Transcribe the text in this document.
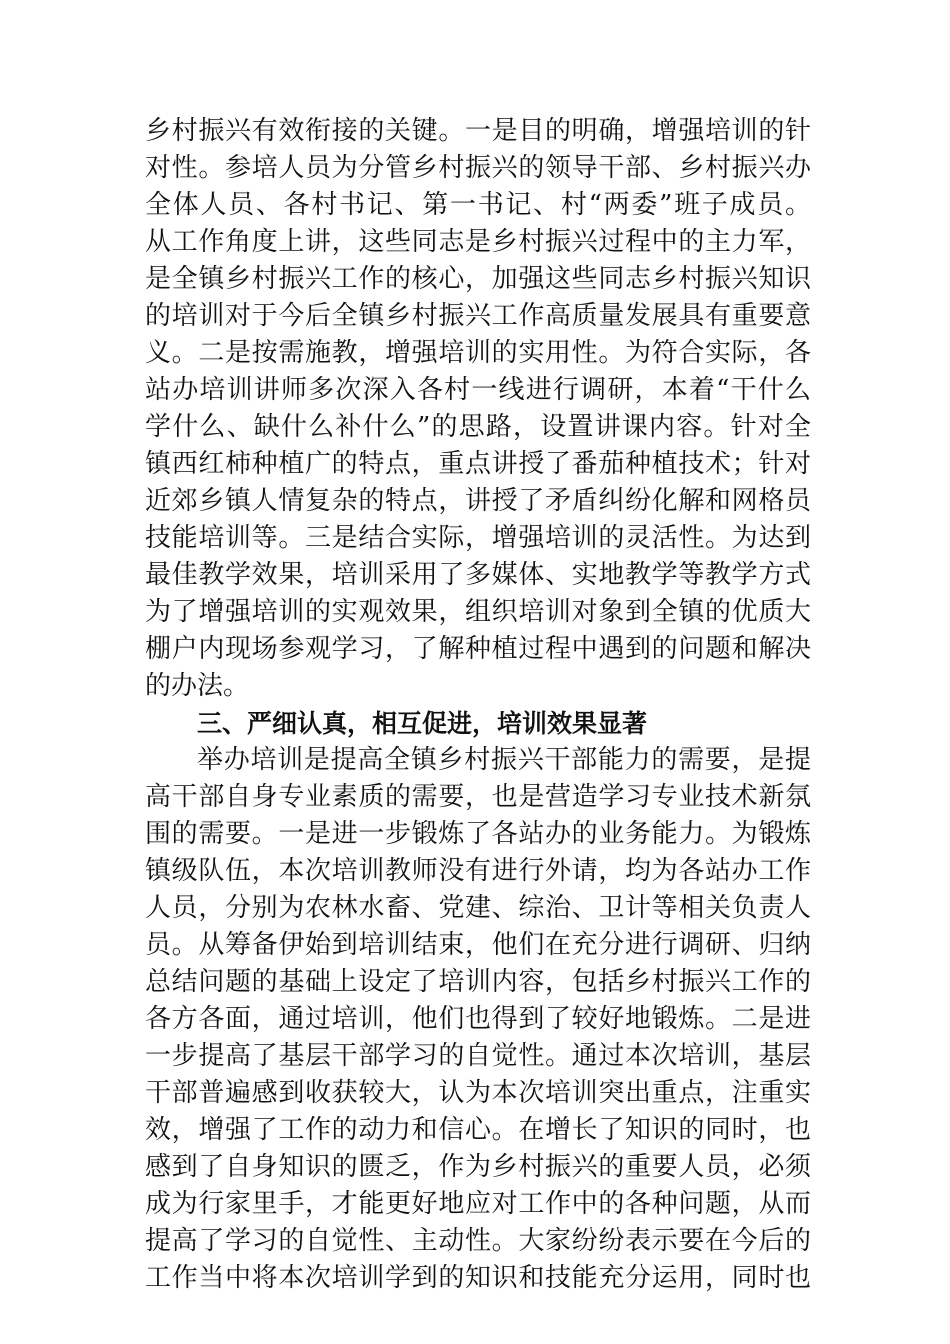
乡村振兴有效衔接的关键。一是目的明确，增强培训的针
对性。参培人员为分管乡村振兴的领导干部、乡村振兴办
全体人员、各村书记、第一书记、村“两委”班子成员。
从工作角度上讲，这些同志是乡村振兴过程中的主力军，
是全镇乡村振兴工作的核心，加强这些同志乡村振兴知识
的培训对于今后全镇乡村振兴工作高质量发展具有重要意
义。二是按需施教，增强培训的实用性。为符合实际，各
站办培训讲师多次深入各村一线进行调研，本着“干什么
学什么、缺什么补什么”的思路，设置讲课内容。针对全
镇西红柿种植广的特点，重点讲授了番茄种植技术；针对
近郊乡镇人情复杂的特点，讲授了矛盾纠纷化解和网格员
技能培训等。三是结合实际，增强培训的灵活性。为达到
最佳教学效果，培训采用了多媒体、实地教学等教学方式
为了增强培训的实观效果，组织培训对象到全镇的优质大
棚户内现场参观学习，了解种植过程中遇到的问题和解决
的办法。
三、严细认真，相互促进，培训效果显著
举办培训是提高全镇乡村振兴干部能力的需要，是提
高干部自身专业素质的需要，也是营造学习专业技术新氛
围的需要。一是进一步锻炼了各站办的业务能力。为锻炼
镇级队伍，本次培训教师没有进行外请，均为各站办工作
人员，分别为农林水畜、党建、综治、卫计等相关负责人
员。从筹备伊始到培训结束，他们在充分进行调研、归纳
总结问题的基础上设定了培训内容，包括乡村振兴工作的
各方各面，通过培训，他们也得到了较好地锻炼。二是进
一步提高了基层干部学习的自觉性。通过本次培训，基层
干部普遍感到收获较大，认为本次培训突出重点，注重实
效，增强了工作的动力和信心。在增长了知识的同时，也
感到了自身知识的匮乏，作为乡村振兴的重要人员，必须
成为行家里手，才能更好地应对工作中的各种问题，从而
提高了学习的自觉性、主动性。大家纷纷表示要在今后的
工作当中将本次培训学到的知识和技能充分运用，同时也
